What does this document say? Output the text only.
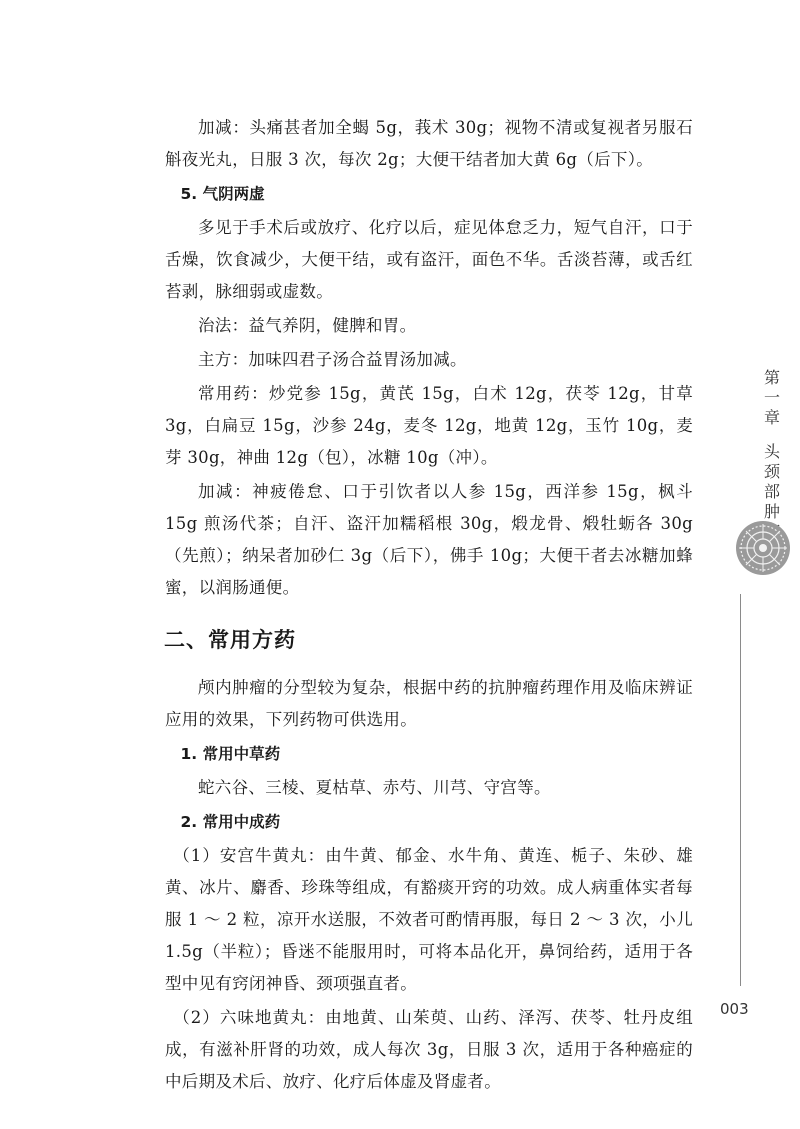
加减：头痛甚者加全蝎 5g，莪术 30g；视物不清或复视者另服石斛夜光丸，日服 3 次，每次 2g；大便干结者加大黄 6g（后下）。

5. 气阴两虚

多见于手术后或放疗、化疗以后，症见体怠乏力，短气自汗，口于舌燥，饮食减少，大便干结，或有盗汗，面色不华。舌淡苔薄，或舌红苔剥，脉细弱或虚数。

治法：益气养阴，健脾和胃。

主方：加味四君子汤合益胃汤加减。

常用药：炒党参 15g，黄芪 15g，白术 12g，茯苓 12g，甘草 3g，白扁豆 15g，沙参 24g，麦冬 12g，地黄 12g，玉竹 10g，麦芽 30g，神曲 12g（包），冰糖 10g（冲）。

加减：神疲倦怠、口于引饮者以人参 15g，西洋参 15g，枫斗 15g 煎汤代茶；自汗、盗汗加糯稻根 30g，煅龙骨、煅牡蛎各 30g（先煎）；纳呆者加砂仁 3g（后下），佛手 10g；大便干者去冰糖加蜂蜜，以润肠通便。

二、常用方药

颅内肿瘤的分型较为复杂，根据中药的抗肿瘤药理作用及临床辨证应用的效果，下列药物可供选用。

1. 常用中草药

蛇六谷、三棱、夏枯草、赤芍、川芎、守宫等。

2. 常用中成药

（1）安宫牛黄丸：由牛黄、郁金、水牛角、黄连、栀子、朱砂、雄黄、冰片、麝香、珍珠等组成，有豁痰开窍的功效。成人病重体实者每服 1 ～ 2 粒，凉开水送服，不效者可酌情再服，每日 2 ～ 3 次，小儿 1.5g（半粒）；昏迷不能服用时，可将本品化开，鼻饲给药，适用于各型中见有窍闭神昏、颈项强直者。

（2）六味地黄丸：由地黄、山茱萸、山药、泽泻、茯苓、牡丹皮组成，有滋补肝肾的功效，成人每次 3g，日服 3 次，适用于各种癌症的中后期及术后、放疗、化疗后体虚及肾虚者。

第
一
章
头
颈
部
肿
003
